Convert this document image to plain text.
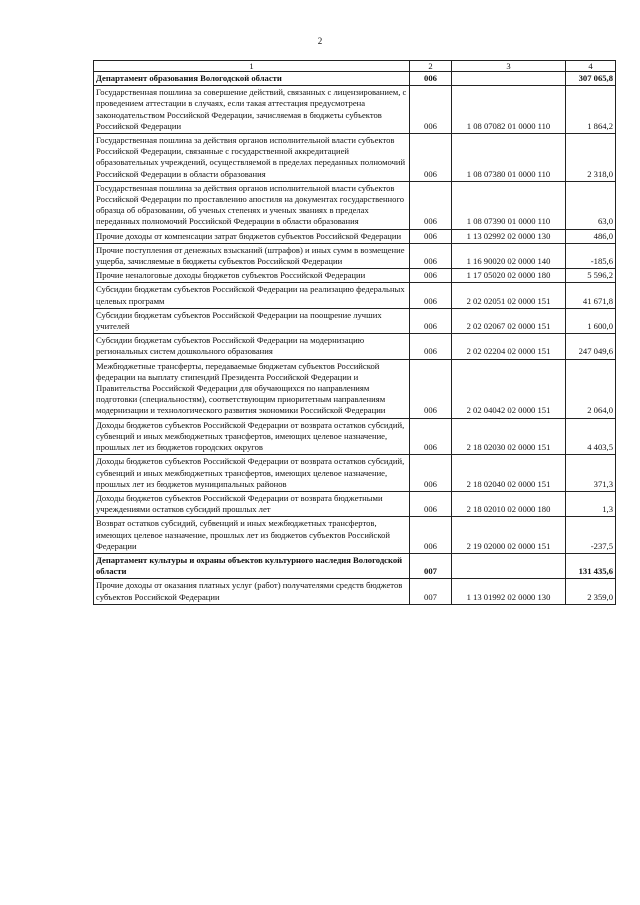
2
1	2	3	4
Департамент образования Вологодской области	006		307 065,8
Государственная пошлина за совершение действий, связанных с лицензированием, с проведением аттестации в случаях, если такая аттестация предусмотрена законодательством Российской Федерации, зачисляемая в бюджеты субъектов Российской Федерации	006	1 08 07082 01 0000 110	1 864,2
Государственная пошлина за действия органов исполнительной власти субъектов Российской Федерации, связанные с государственной аккредитацией образовательных учреждений, осуществляемой в пределах переданных полномочий Российской Федерации в области образования	006	1 08 07380 01 0000 110	2 318,0
Государственная пошлина за действия органов исполнительной власти субъектов Российской Федерации по проставлению апостиля на документах государственного образца об образовании, об ученых степенях и ученых званиях в пределах переданных полномочий Российской Федерации в области образования	006	1 08 07390 01 0000 110	63,0
Прочие доходы от компенсации затрат бюджетов субъектов Российской Федерации	006	1 13 02992 02 0000 130	486,0
Прочие поступления от денежных взысканий (штрафов) и иных сумм в возмещение ущерба, зачисляемые в бюджеты субъектов Российской Федерации	006	1 16 90020 02 0000 140	-185,6
Прочие неналоговые доходы бюджетов субъектов Российской Федерации	006	1 17 05020 02 0000 180	5 596,2
Субсидии бюджетам субъектов Российской Федерации на реализацию федеральных целевых программ	006	2 02 02051 02 0000 151	41 671,8
Субсидии бюджетам субъектов Российской Федерации на поощрение лучших учителей	006	2 02 02067 02 0000 151	1 600,0
Субсидии бюджетам субъектов Российской Федерации на модернизацию региональных систем дошкольного образования	006	2 02 02204 02 0000 151	247 049,6
Межбюджетные трансферты, передаваемые бюджетам субъектов Российской федерации на выплату стипендий Президента Российской Федерации и Правительства Российской Федерации для обучающихся по направлениям подготовки (специальностям), соответствующим приоритетным направлениям модернизации и технологического развития экономики Российской Федерации	006	2 02 04042 02 0000 151	2 064,0
Доходы бюджетов субъектов Российской Федерации от возврата остатков субсидий, субвенций и иных межбюджетных трансфертов, имеющих целевое назначение, прошлых лет из бюджетов городских округов	006	2 18 02030 02 0000 151	4 403,5
Доходы бюджетов субъектов Российской Федерации от возврата остатков субсидий, субвенций и иных межбюджетных трансфертов, имеющих целевое назначение, прошлых лет из бюджетов муниципальных районов	006	2 18 02040 02 0000 151	371,3
Доходы бюджетов субъектов Российской Федерации от возврата бюджетными учреждениями остатков субсидий прошлых лет	006	2 18 02010 02 0000 180	1,3
Возврат остатков субсидий, субвенций и иных межбюджетных трансфертов, имеющих целевое назначение, прошлых лет из бюджетов субъектов Российской Федерации	006	2 19 02000 02 0000 151	-237,5
Департамент культуры и охраны объектов культурного наследия Вологодской области	007		131 435,6
Прочие доходы от оказания платных услуг (работ) получателями средств бюджетов субъектов Российской Федерации	007	1 13 01992 02 0000 130	2 359,0
